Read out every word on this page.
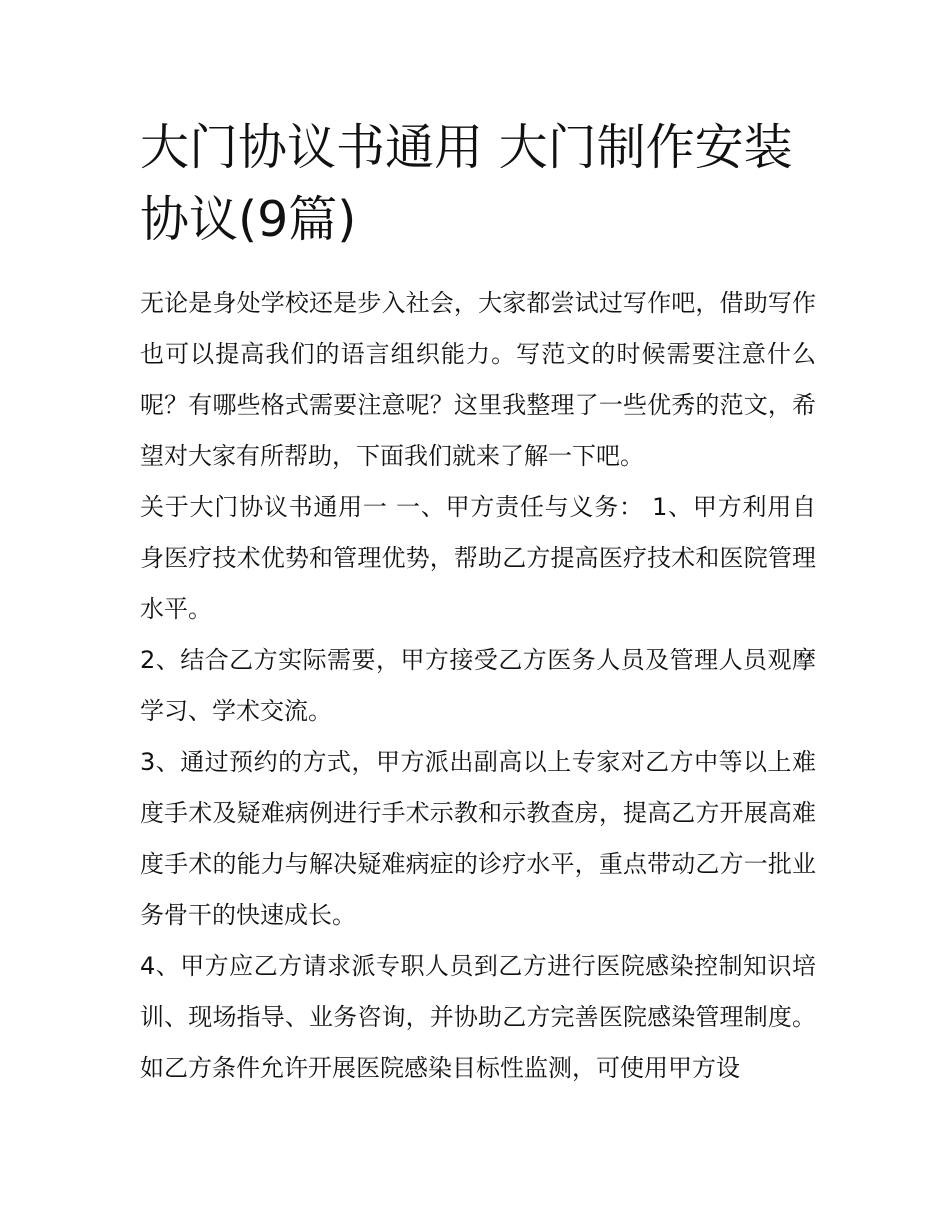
大门协议书通用 大门制作安装协议(9篇)

无论是身处学校还是步入社会，大家都尝试过写作吧，借助写作也可以提高我们的语言组织能力。写范文的时候需要注意什么呢？有哪些格式需要注意呢？这里我整理了一些优秀的范文，希望对大家有所帮助，下面我们就来了解一下吧。

关于大门协议书通用一 一、甲方责任与义务： 1、甲方利用自身医疗技术优势和管理优势，帮助乙方提高医疗技术和医院管理水平。

2、结合乙方实际需要，甲方接受乙方医务人员及管理人员观摩学习、学术交流。

3、通过预约的方式，甲方派出副高以上专家对乙方中等以上难度手术及疑难病例进行手术示教和示教查房，提高乙方开展高难度手术的能力与解决疑难病症的诊疗水平，重点带动乙方一批业务骨干的快速成长。

4、甲方应乙方请求派专职人员到乙方进行医院感染控制知识培训、现场指导、业务咨询，并协助乙方完善医院感染管理制度。如乙方条件允许开展医院感染目标性监测，可使用甲方设
